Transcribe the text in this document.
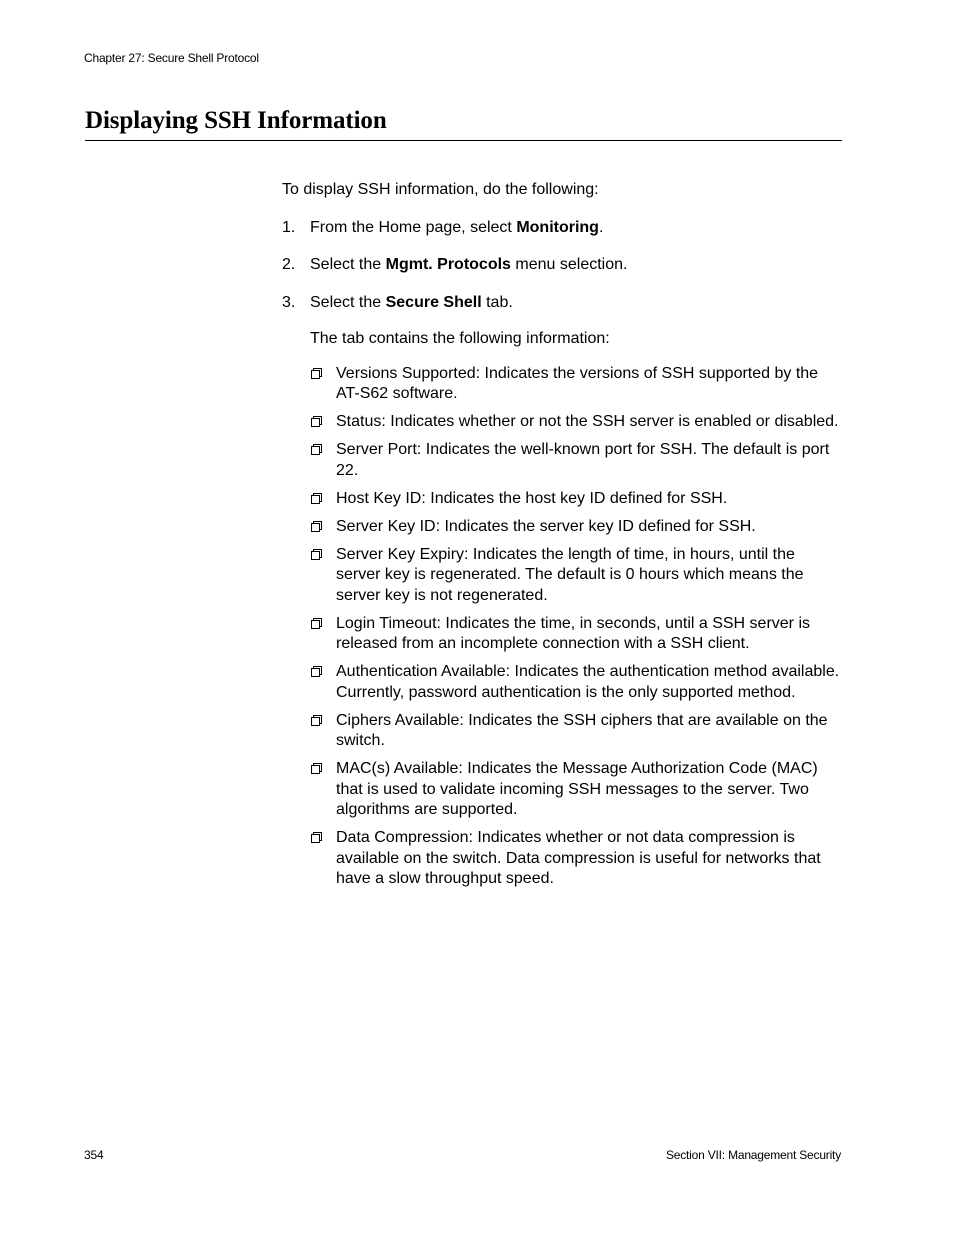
Chapter 27: Secure Shell Protocol
Displaying SSH Information

To display SSH information, do the following:

1. From the Home page, select Monitoring.
2. Select the Mgmt. Protocols menu selection.
3. Select the Secure Shell tab.

The tab contains the following information:

Versions Supported: Indicates the versions of SSH supported by the AT-S62 software.
Status: Indicates whether or not the SSH server is enabled or disabled.
Server Port: Indicates the well-known port for SSH. The default is port 22.
Host Key ID: Indicates the host key ID defined for SSH.
Server Key ID: Indicates the server key ID defined for SSH.
Server Key Expiry: Indicates the length of time, in hours, until the server key is regenerated. The default is 0 hours which means the server key is not regenerated.
Login Timeout: Indicates the time, in seconds, until a SSH server is released from an incomplete connection with a SSH client.
Authentication Available: Indicates the authentication method available. Currently, password authentication is the only supported method.
Ciphers Available: Indicates the SSH ciphers that are available on the switch.
MAC(s) Available: Indicates the Message Authorization Code (MAC) that is used to validate incoming SSH messages to the server. Two algorithms are supported.
Data Compression: Indicates whether or not data compression is available on the switch. Data compression is useful for networks that have a slow throughput speed.
354	Section VII: Management Security
